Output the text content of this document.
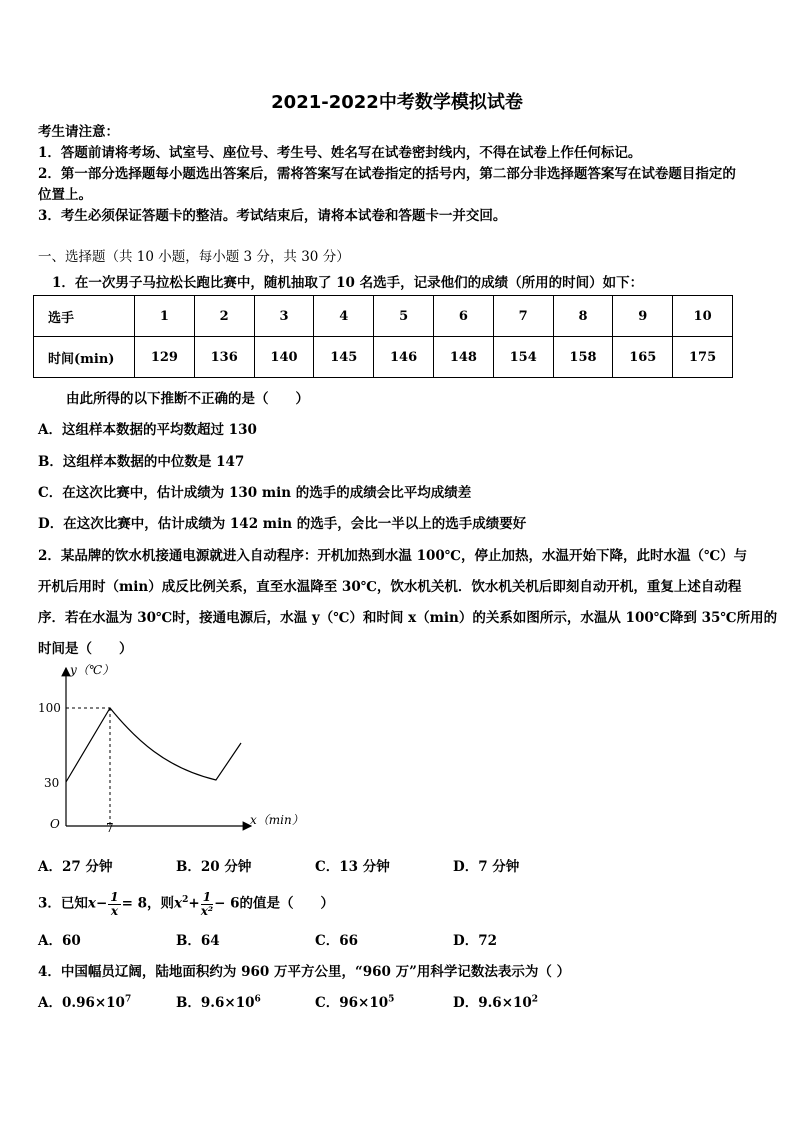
2021-2022中考数学模拟试卷
考生请注意：
1．答题前请将考场、试室号、座位号、考生号、姓名写在试卷密封线内，不得在试卷上作任何标记。
2．第一部分选择题每小题选出答案后，需将答案写在试卷指定的括号内，第二部分非选择题答案写在试卷题目指定的
位置上。
3．考生必须保证答题卡的整洁。考试结束后，请将本试卷和答题卡一并交回。
一、选择题（共 10 小题，每小题 3 分，共 30 分）
1．在一次男子马拉松长跑比赛中，随机抽取了 10 名选手，记录他们的成绩（所用的时间）如下：
选手	1	2	3	4	5	6	7	8	9	10
时间(min)	129	136	140	145	146	148	154	158	165	175
由此所得的以下推断不正确的是（　　）
A．这组样本数据的平均数超过 130
B．这组样本数据的中位数是 147
C．在这次比赛中，估计成绩为 130 min 的选手的成绩会比平均成绩差
D．在这次比赛中，估计成绩为 142 min 的选手，会比一半以上的选手成绩要好
2．某品牌的饮水机接通电源就进入自动程序：开机加热到水温 100℃，停止加热，水温开始下降，此时水温（℃）与
开机后用时（min）成反比例关系，直至水温降至 30℃，饮水机关机．饮水机关机后即刻自动开机，重复上述自动程
序．若在水温为 30℃时，接通电源后，水温 y（℃）和时间 x（min）的关系如图所示，水温从 100℃降到 35℃所用的
时间是（　　）
y（℃）
100
30
O	7
x（min）
A．27 分钟	B．20 分钟	C．13 分钟	D．7 分钟
3．已知$x- \frac{1}{x} = 8$，则$x^2+ \frac{1}{\text{x²}} - 6$的值是（　　）
A．60	B．64	C．66	D．72
4．中国幅员辽阔，陆地面积约为 960 万平方公里，“960 万”用科学记数法表示为（ ）
A．$0.96\times 10^7$	B．$9.6\times 10^6$	C．$96\times 10^5$	D．$9.6\times 10^2$
